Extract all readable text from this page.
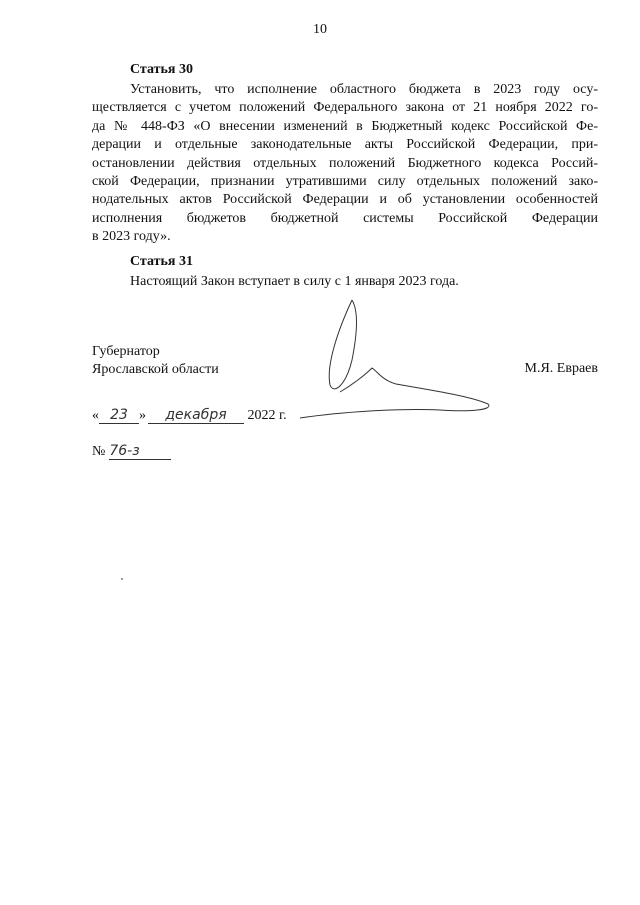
10
Статья 30

Установить, что исполнение областного бюджета в 2023 году осу-
ществляется с учетом положений Федерального закона от 21 ноября 2022 го-
да № 448-ФЗ «О внесении изменений в Бюджетный кодекс Российской Фе-
дерации и отдельные законодательные акты Российской Федерации, при-
остановлении действия отдельных положений Бюджетного кодекса Россий-
ской Федерации, признании утратившими силу отдельных положений зако-
нодательных актов Российской Федерации и об установлении особенностей
исполнения бюджетов бюджетной системы Российской Федерации
в 2023 году».

Статья 31

Настоящий Закон вступает в силу с 1 января 2023 года.

Губернатор
Ярославской области	М.Я. Евраев
« 23 » декабря 2022 г.
№ 76-з
